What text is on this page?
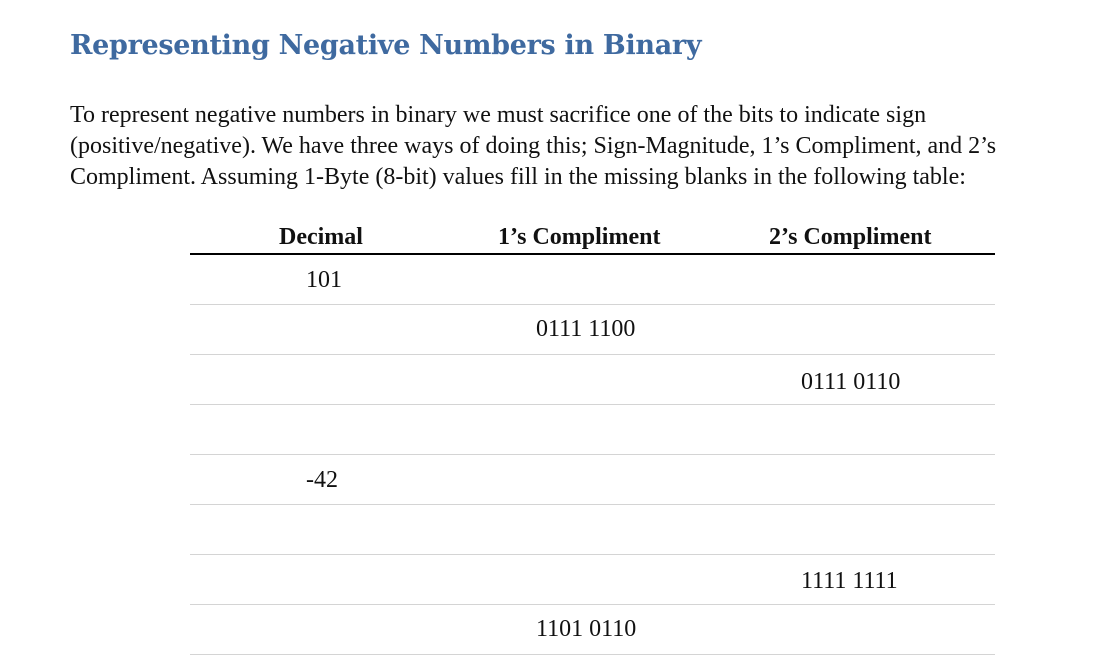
Representing Negative Numbers in Binary

To represent negative numbers in binary we must sacrifice one of the bits to indicate sign
(positive/negative). We have three ways of doing this; Sign-Magnitude, 1’s Compliment, and 2’s
Compliment. Assuming 1-Byte (8-bit) values fill in the missing blanks in the following table:

Decimal	1’s Compliment	2’s Compliment
101
0111 1100
0111 0110
-42
1111 1111
1101 0110
